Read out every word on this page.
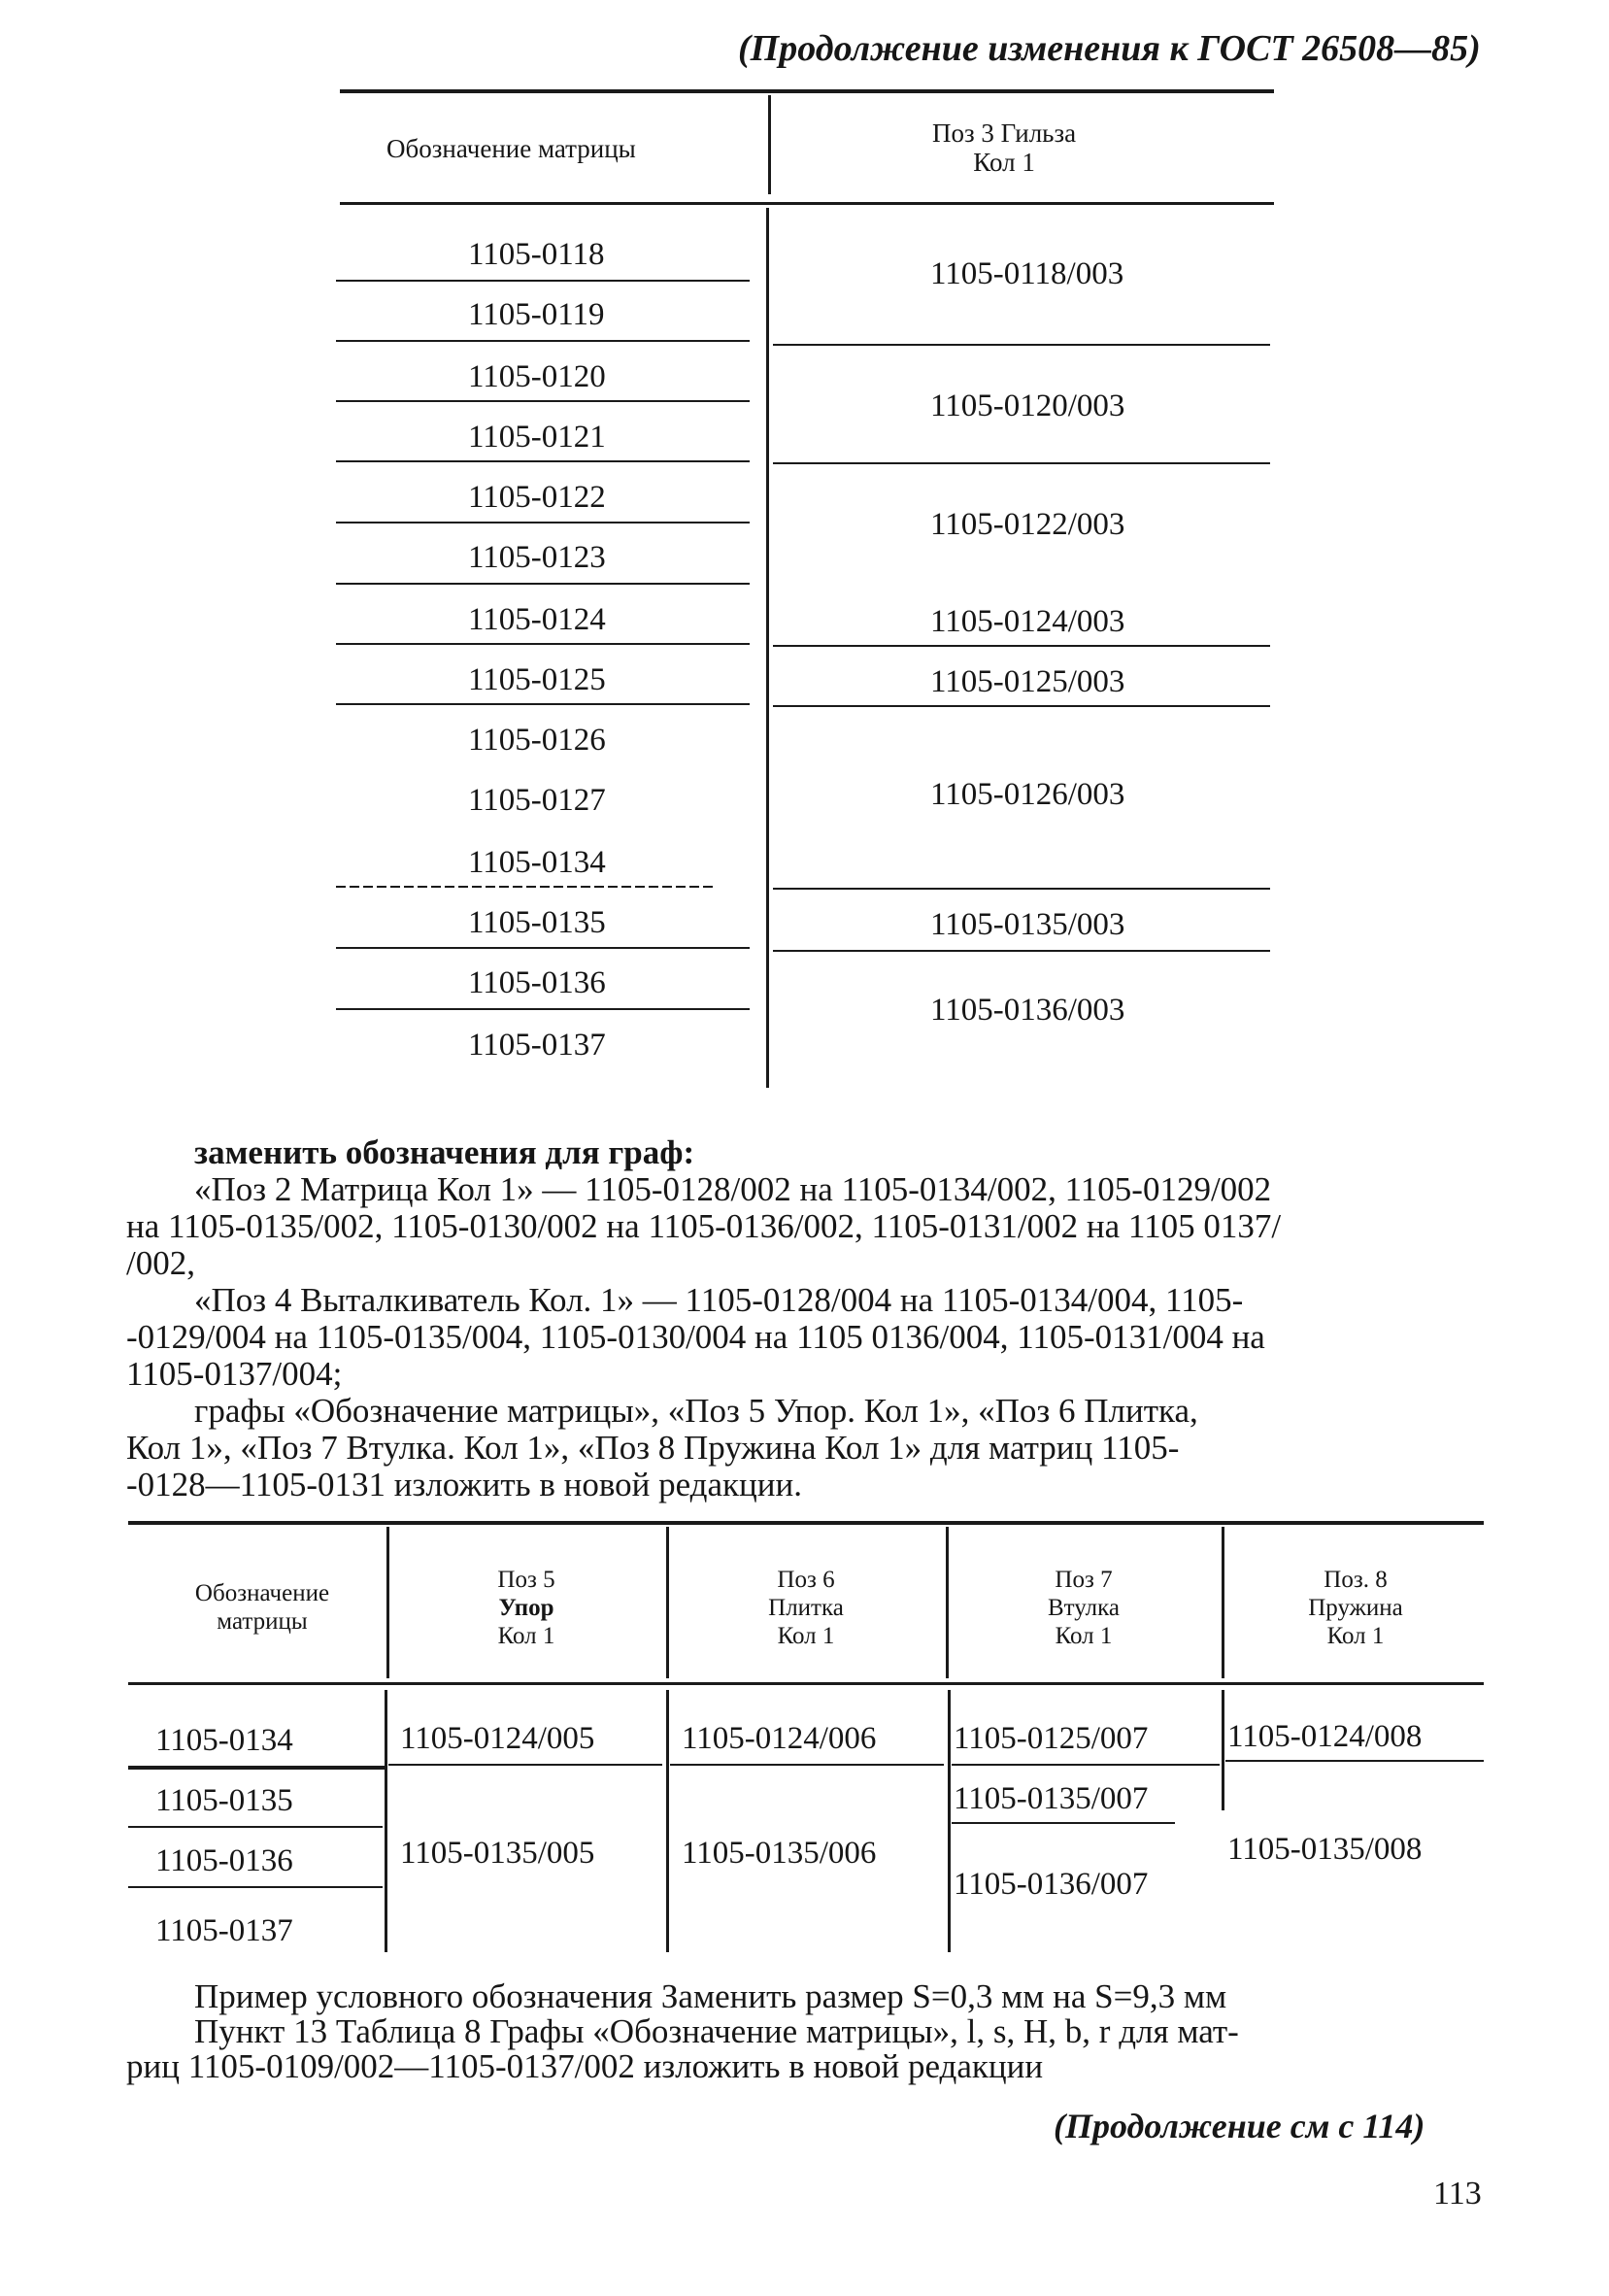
(Продолжение изменения к ГОСТ 26508—85)
Обозначение матрицы
Поз 3 Гильза
Кол 1
1105-0118
1105-0119
1105-0120
1105-0121
1105-0122
1105-0123
1105-0124
1105-0125
1105-0126
1105-0127
1105-0134
1105-0135
1105-0136
1105-0137
1105-0118/003
1105-0120/003
1105-0122/003
1105-0124/003
1105-0125/003
1105-0126/003
1105-0135/003
1105-0136/003
заменить обозначения для граф:
«Поз 2 Матрица Кол 1» — 1105-0128/002 на 1105-0134/002, 1105-0129/002
на 1105-0135/002, 1105-0130/002 на 1105-0136/002, 1105-0131/002 на 1105 0137/
/002,
«Поз 4 Выталкиватель Кол. 1» — 1105-0128/004 на 1105-0134/004, 1105-
-0129/004 на 1105-0135/004, 1105-0130/004 на 1105 0136/004, 1105-0131/004 на
1105-0137/004;
графы «Обозначение матрицы», «Поз 5 Упор. Кол 1», «Поз 6 Плитка,
Кол 1», «Поз 7 Втулка. Кол 1», «Поз 8 Пружина Кол 1» для матриц 1105-
-0128—1105-0131 изложить в новой редакции.
Обозначение
матрицы
Поз 5
Упор
Кол 1
Поз 6
Плитка
Кол 1
Поз 7
Втулка
Кол 1
Поз. 8
Пружина
Кол 1
1105-0134
1105-0135
1105-0136
1105-0137
1105-0124/005
1105-0135/005
1105-0124/006
1105-0135/006
1105-0125/007
1105-0135/007
1105-0136/007
1105-0124/008
1105-0135/008
Пример условного обозначения Заменить размер S=0,3 мм на S=9,3 мм
Пункт 13 Таблица 8 Графы «Обозначение матрицы», l, s, H, b, r для мат-
риц 1105-0109/002—1105-0137/002 изложить в новой редакции
(Продолжение см с 114)
113
